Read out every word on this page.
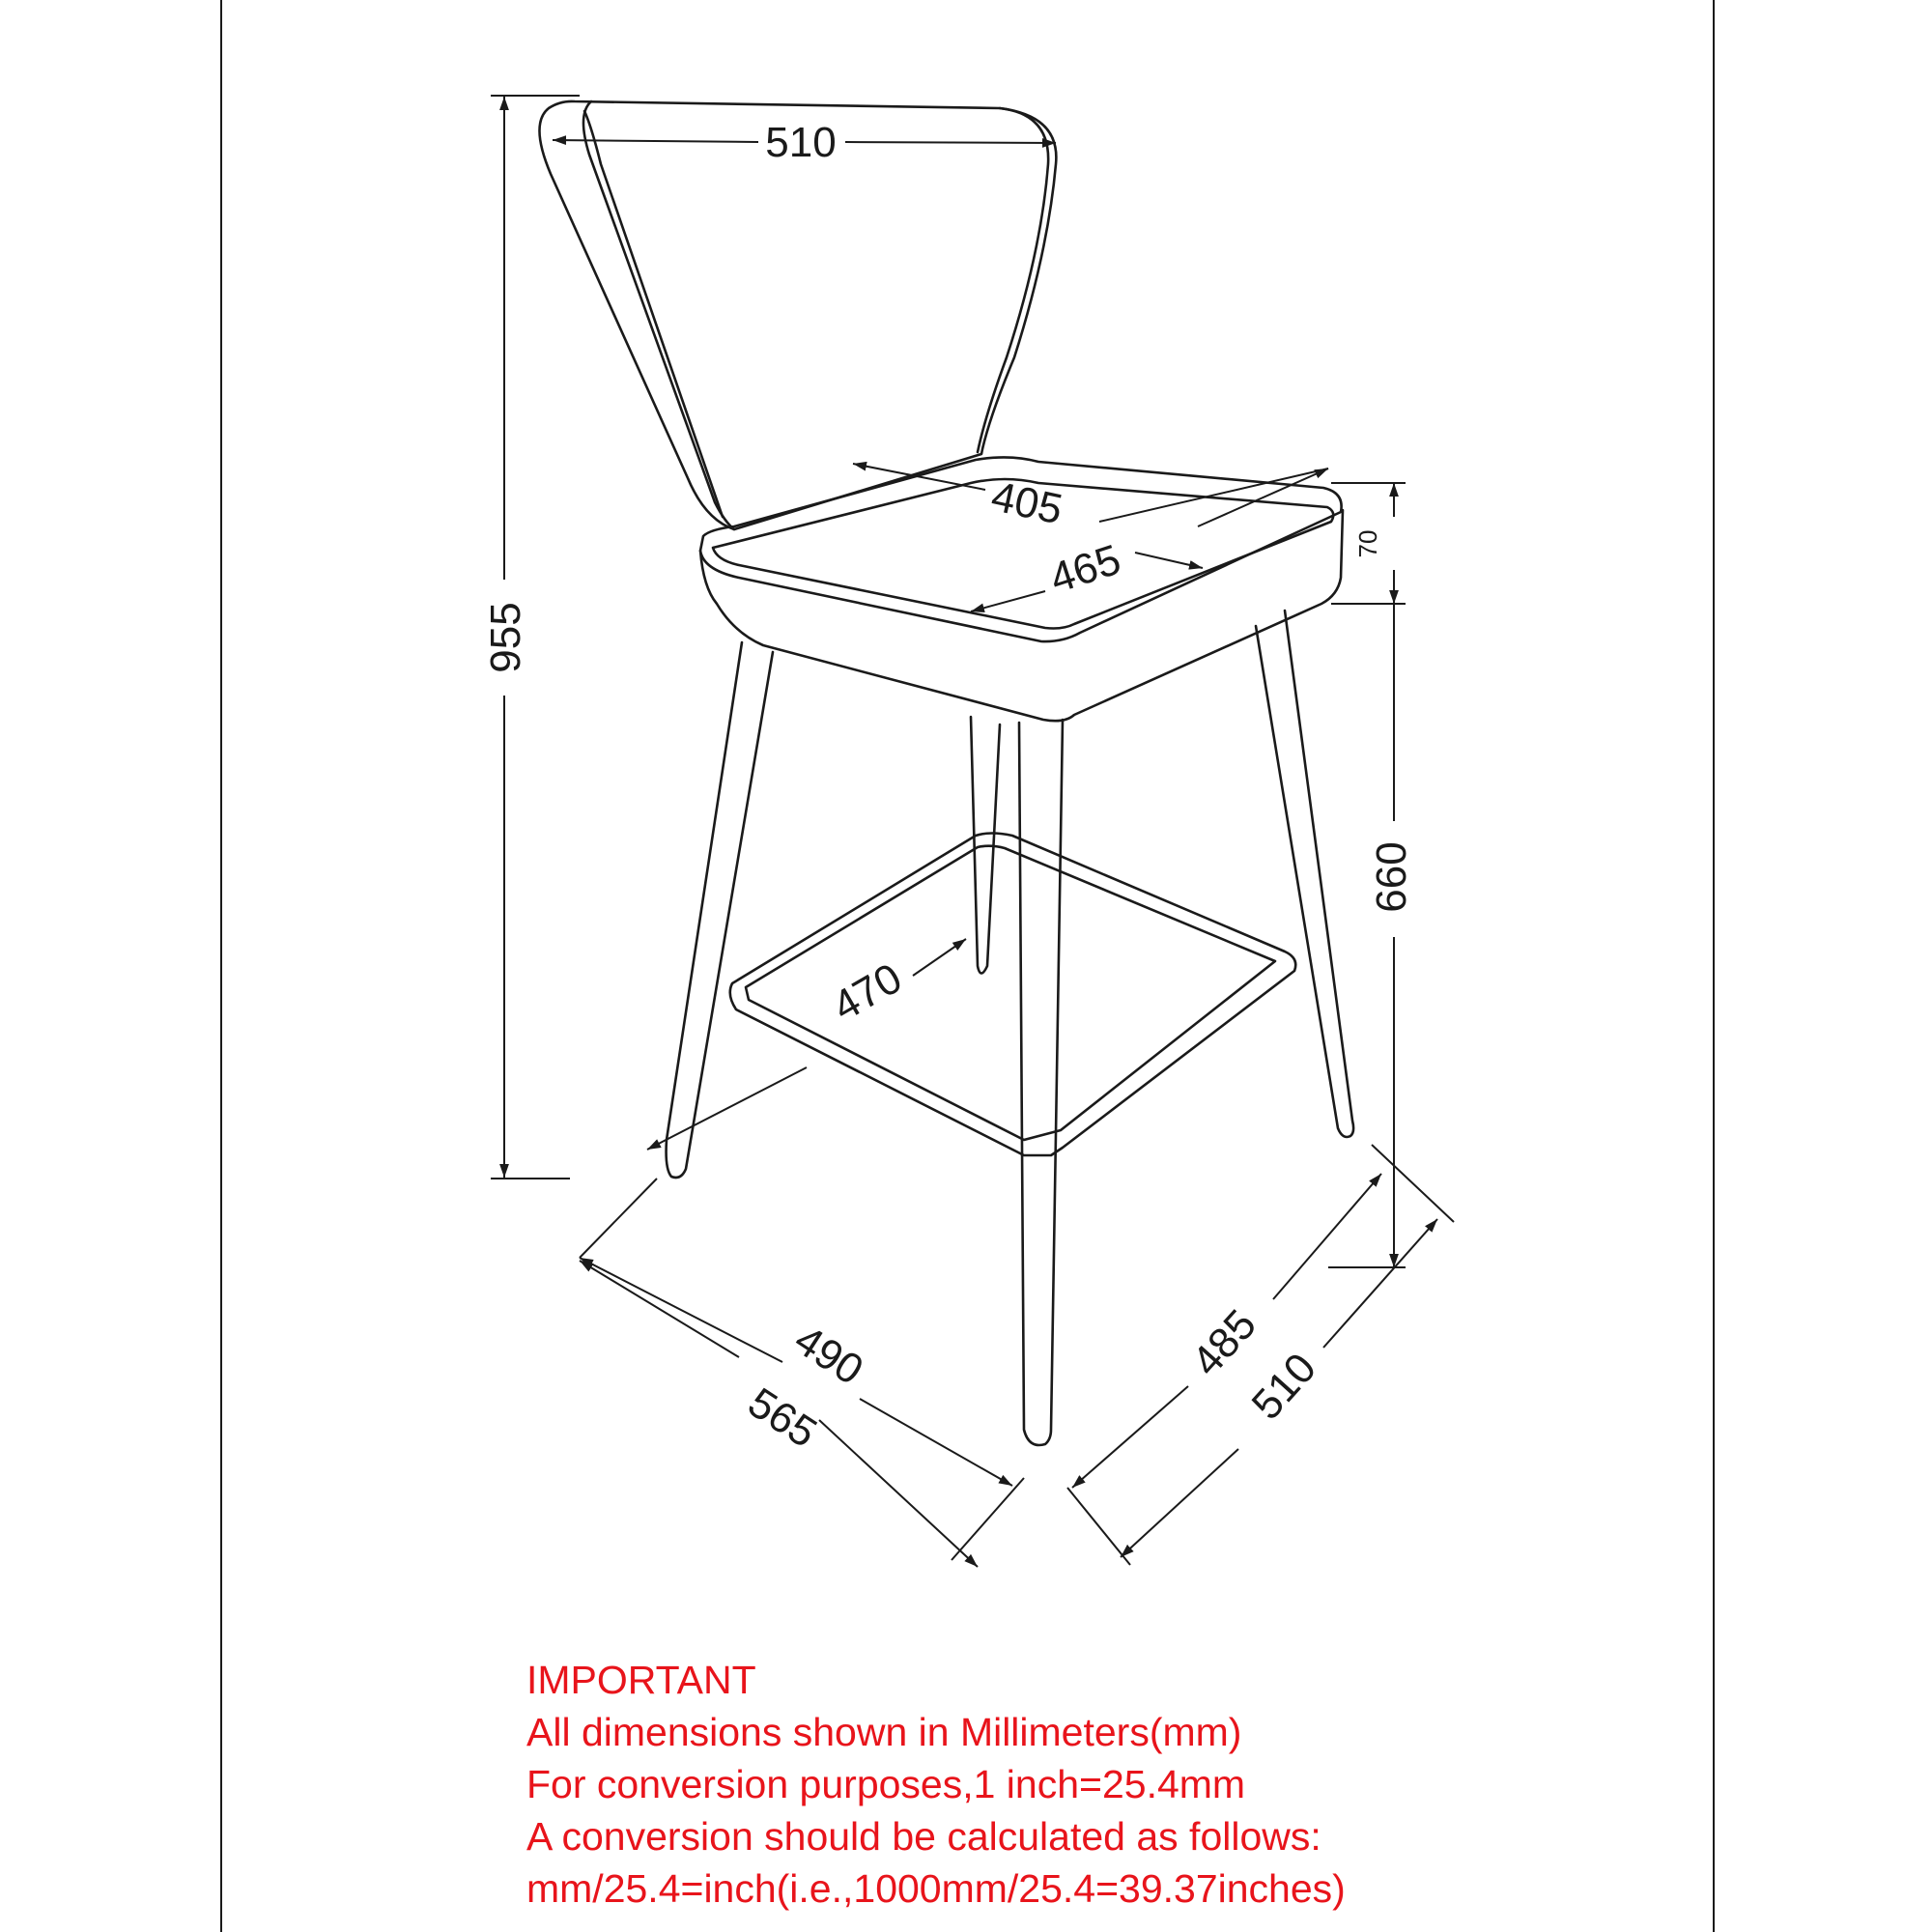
510
955
405
465	70
660
470
490
565
485
510
IMPORTANT
All dimensions shown in Millimeters(mm)
For conversion purposes,1 inch=25.4mm
A conversion should be calculated as follows:
mm/25.4=inch(i.e.,1000mm/25.4=39.37inches)
